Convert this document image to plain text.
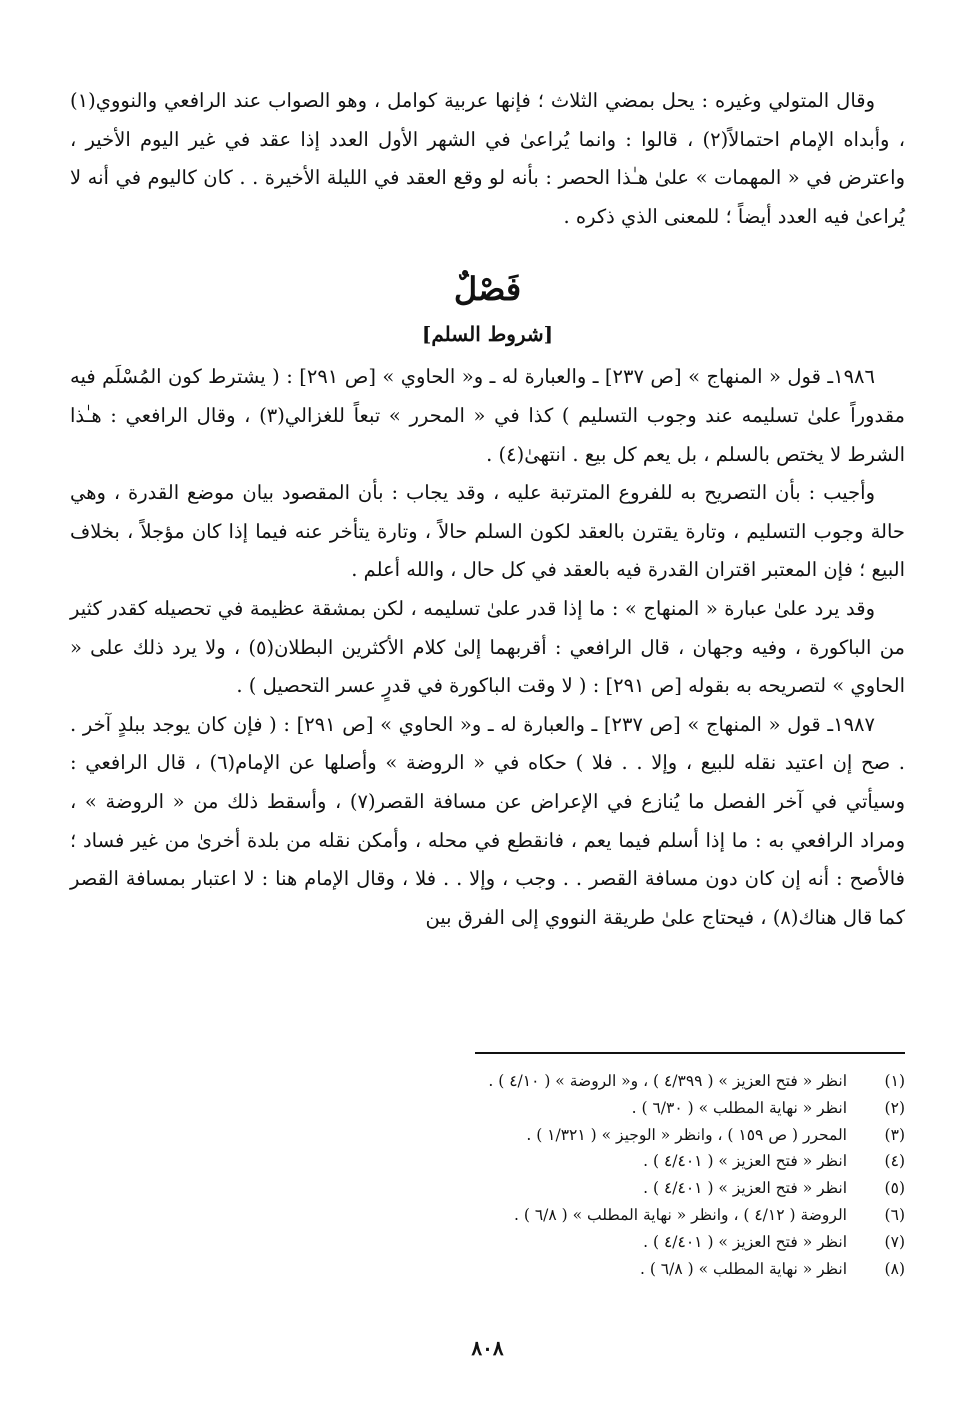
وقال المتولي وغيره : يحل بمضي الثلاث ؛ فإنها عربية كوامل ، وهو الصواب عند الرافعي والنووي(١) ، وأبداه الإمام احتمالاً(٢) ، قالوا : وانما يُراعىٰ في الشهر الأول العدد إذا عقد في غير اليوم الأخير ، واعترض في « المهمات » علىٰ هـٰذا الحصر : بأنه لو وقع العقد في الليلة الأخيرة . . كان كاليوم في أنه لا يُراعىٰ فيه العدد أيضاً ؛ للمعنى الذي ذكره .

فَصْلٌ
[شروط السلم]

١٩٨٦ـ قول « المنهاج » [ص ٢٣٧] ـ والعبارة له ـ و« الحاوي » [ص ٢٩١] : ( يشترط كون المُسْلَم فيه مقدوراً علىٰ تسليمه عند وجوب التسليم ) كذا في « المحرر » تبعاً للغزالي(٣) ، وقال الرافعي : هـٰذا الشرط لا يختص بالسلم ، بل يعم كل بيع . انتهىٰ(٤) .

وأجيب : بأن التصريح به للفروع المترتبة عليه ، وقد يجاب : بأن المقصود بيان موضع القدرة ، وهي حالة وجوب التسليم ، وتارة يقترن بالعقد لكون السلم حالاً ، وتارة يتأخر عنه فيما إذا كان مؤجلاً ، بخلاف البيع ؛ فإن المعتبر اقتران القدرة فيه بالعقد في كل حال ، والله أعلم .

وقد يرد علىٰ عبارة « المنهاج » : ما إذا قدر علىٰ تسليمه ، لكن بمشقة عظيمة في تحصيله كقدر كثير من الباكورة ، وفيه وجهان ، قال الرافعي : أقربهما إلىٰ كلام الأكثرين البطلان(٥) ، ولا يرد ذلك على « الحاوي » لتصريحه به بقوله [ص ٢٩١] : ( لا وقت الباكورة في قدرٍ عسر التحصيل ) .

١٩٨٧ـ قول « المنهاج » [ص ٢٣٧] ـ والعبارة له ـ و« الحاوي » [ص ٢٩١] : ( فإن كان يوجد ببلدٍ آخر . . صح إن اعتيد نقله للبيع ، وإلا . . فلا ) حكاه في « الروضة » وأصلها عن الإمام(٦) ، قال الرافعي : وسيأتي في آخر الفصل ما يُنازع في الإعراض عن مسافة القصر(٧) ، وأسقط ذلك من « الروضة » ، ومراد الرافعي به : ما إذا أسلم فيما يعم ، فانقطع في محله ، وأمكن نقله من بلدة أخرىٰ من غير فساد ؛ فالأصح : أنه إن كان دون مسافة القصر . . وجب ، وإلا . . فلا ، وقال الإمام هنا : لا اعتبار بمسافة القصر كما قال هناك(٨) ، فيحتاج علىٰ طريقة النووي إلى الفرق بين

(١)
انظر « فتح العزيز » ( ٤/٣٩٩ ) ، و« الروضة » ( ٤/١٠ ) .
(٢)
انظر « نهاية المطلب » ( ٦/٣٠ ) .
(٣)
المحرر ( ص ١٥٩ ) ، وانظر « الوجيز » ( ١/٣٢١ ) .
(٤)
انظر « فتح العزيز » ( ٤/٤٠١ ) .
(٥)
انظر « فتح العزيز » ( ٤/٤٠١ ) .
(٦)
الروضة ( ٤/١٢ ) ، وانظر « نهاية المطلب » ( ٦/٨ ) .
(٧)
انظر « فتح العزيز » ( ٤/٤٠١ ) .
(٨)
انظر « نهاية المطلب » ( ٦/٨ ) .
٨٠٨
